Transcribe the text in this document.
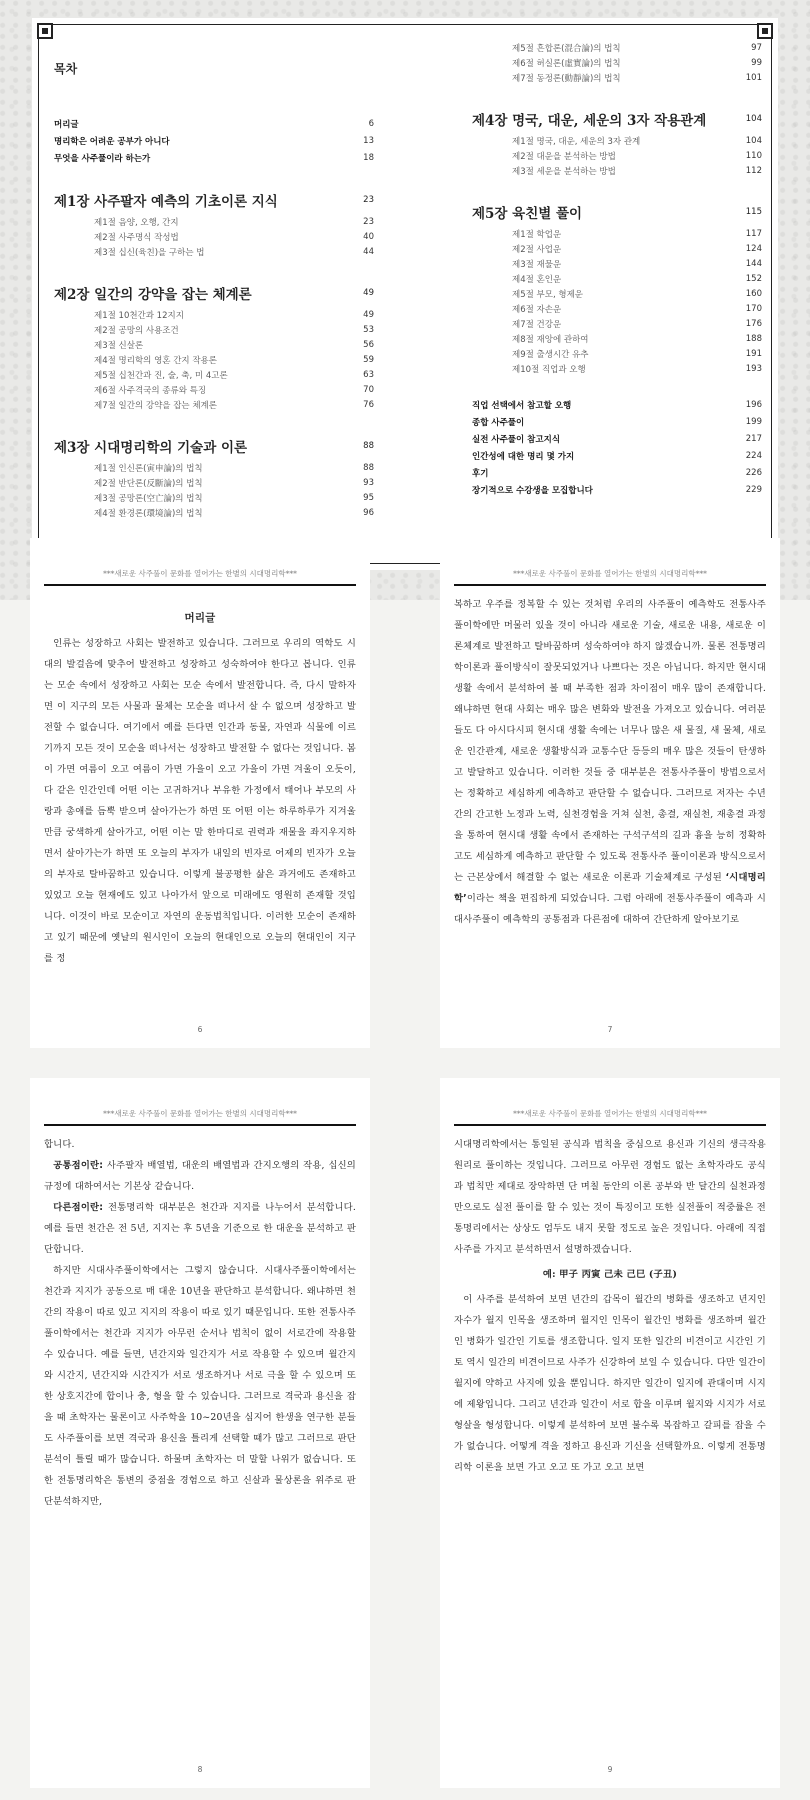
목차
머리글	6
명리학은 어려운 공부가 아니다	13
무엇을 사주풀이라 하는가	18
제1장 사주팔자 예측의 기초이론 지식	23
제1절 음양, 오행, 간지	23
제2절 사주명식 작성법	40
제3절 십신(육친)을 구하는 법	44
제2장 일간의 강약을 잡는 체계론	49
제1절 10천간과 12지지	49
제2절 공망의 사용조건	53
제3절 신살론	56
제4절 명리학의 영혼 간지 작용론	59
제5절 십천간과 진, 술, 축, 미 4고론	63
제6절 사주격국의 종류와 특징	70
제7절 일간의 강약을 잡는 체계론	76
제3장 시대명리학의 기술과 이론	88
제1절 인신론(寅申論)의 법칙	88
제2절 반단론(反斷論)의 법칙	93
제3절 공망론(空亡論)의 법칙	95
제4절 환경론(環境論)의 법칙	96
제5절 흔합론(混合論)의 법칙	97
제6절 허실론(虛實論)의 법칙	99
제7절 동정론(動靜論)의 법칙	101
제4장 명국, 대운, 세운의 3자 작용관계	104
제1절 명국, 대운, 세운의 3자 관계	104
제2절 대운을 분석하는 방법	110
제3절 세운을 분석하는 방법	112
제5장 육친별 풀이	115
제1절 학업운	117
제2절 사업운	124
제3절 재물운	144
제4절 혼인운	152
제5절 부모, 형제운	160
제6절 자손운	170
제7절 건강운	176
제8절 재앙에 관하여	188
제9절 출생시간 유추	191
제10절 직업과 오행	193
직업 선택에서 참고할 오행	196
종합 사주풀이	199
실전 사주풀이 참고지식	217
인간성에 대한 명리 몇 가지	224
후기	226
장기적으로 수강생을 모집합니다	229
***새로운 사주풀이 문화를 열어가는 한별의 시대명리학***

머리글

인류는 성장하고 사회는 발전하고 있습니다. 그러므로 우리의 역학도 시대의 발걸음에 맞추어 발전하고 성장하고 성숙하여야 한다고 봅니다. 인류는 모순 속에서 성장하고 사회는 모순 속에서 발전합니다. 즉, 다시 말하자면 이 지구의 모든 사물과 물체는 모순을 떠나서 살 수 없으며 성장하고 발전할 수 없습니다. 여기에서 예를 든다면 인간과 동물, 자연과 식물에 이르기까지 모든 것이 모순을 떠나서는 성장하고 발전할 수 없다는 것입니다. 봄이 가면 여름이 오고 여름이 가면 가을이 오고 가을이 가면 겨울이 오듯이, 다 같은 인간인데 어떤 이는 고귀하거나 부유한 가정에서 태어나 부모의 사랑과 총애를 듬뿍 받으며 살아가는가 하면 또 어떤 이는 하루하루가 지겨울 만큼 궁색하게 살아가고, 어떤 이는 말 한마디로 권력과 재물을 좌지우지하면서 살아가는가 하면 또 오늘의 부자가 내일의 빈자로 어제의 빈자가 오늘의 부자로 탈바꿈하고 있습니다. 이렇게 불공평한 삶은 과거에도 존재하고 있었고 오늘 현재에도 있고 나아가서 앞으로 미래에도 영원히 존재할 것입니다. 이것이 바로 모순이고 자연의 운동법칙입니다. 이러한 모순이 존재하고 있기 때문에 옛날의 원시인이 오늘의 현대인으로 오늘의 현대인이 지구를 정

6
***새로운 사주풀이 문화를 열어가는 한별의 시대명리학***

복하고 우주를 정복할 수 있는 것처럼 우리의 사주풀이 예측학도 전통사주 풀이학에만 머물러 있을 것이 아니라 새로운 기술, 새로운 내용, 새로운 이론체계로 발전하고 탈바꿈하며 성숙하여야 하지 않겠습니까. 물론 전통명리학이론과 풀이방식이 잘못되었거나 나쁘다는 것은 아닙니다. 하지만 현시대 생활 속에서 분석하여 볼 때 부족한 점과 차이점이 매우 많이 존재합니다. 왜냐하면 현대 사회는 매우 많은 변화와 발전을 가져오고 있습니다. 여러분들도 다 아시다시피 현시대 생활 속에는 너무나 많은 새 물질, 새 물체, 새로운 인간관계, 새로운 생활방식과 교통수단 등등의 매우 많은 것들이 탄생하고 발달하고 있습니다. 이러한 것들 중 대부분은 전통사주풀이 방법으로서는 정확하고 세심하게 예측하고 판단할 수 없습니다. 그러므로 저자는 수년간의 간고한 노정과 노력, 실천경험을 거쳐 실천, 총결, 재실천, 재총결 과정을 통하여 현시대 생활 속에서 존재하는 구석구석의 길과 흉을 능히 정확하고도 세심하게 예측하고 판단할 수 있도록 전통사주 풀이이론과 방식으로서는 근본상에서 해결할 수 없는 새로운 이론과 기술체계로 구성된 ‘시대명리학’이라는 책을 편집하게 되었습니다. 그럼 아래에 전통사주풀이 예측과 시대사주풀이 예측학의 공통점과 다른점에 대하여 간단하게 알아보기로

7
***새로운 사주풀이 문화를 열어가는 한별의 시대명리학***

합니다.

공통점이란: 사주팔자 배열법, 대운의 배열법과 간지오행의 작용, 십신의 규정에 대하여서는 기본상 같습니다.

다른점이란: 전통명리학 대부분은 천간과 지지를 나누어서 분석합니다. 예를 들면 천간은 전 5년, 지지는 후 5년을 기준으로 한 대운을 분석하고 판단합니다.

하지만 시대사주풀이학에서는 그렇지 않습니다. 시대사주풀이학에서는 천간과 지지가 공동으로 매 대운 10년을 판단하고 분석합니다. 왜냐하면 천간의 작용이 따로 있고 지지의 작용이 따로 있기 때문입니다. 또한 전통사주풀이학에서는 천간과 지지가 아무런 순서나 법칙이 없이 서로간에 작용할 수 있습니다. 예를 들면, 년간지와 일간지가 서로 작용할 수 있으며 월간지와 시간지, 년간지와 시간지가 서로 생조하거나 서로 극을 할 수 있으며 또한 상호지간에 합이나 충, 형을 할 수 있습니다. 그러므로 격국과 용신을 잡을 때 초학자는 물론이고 사주학을 10~20년을 심지어 한생을 연구한 분들도 사주풀이를 보면 격국과 용신을 틀리게 선택할 때가 많고 그러므로 판단분석이 틀릴 때가 많습니다. 하물며 초학자는 더 말할 나위가 없습니다. 또한 전통명리학은 통변의 중점을 경험으로 하고 신살과 물상론을 위주로 판단분석하지만,

8
***새로운 사주풀이 문화를 열어가는 한별의 시대명리학***

시대명리학에서는 통일된 공식과 법칙을 중심으로 용신과 기신의 생극작용 원리로 풀이하는 것입니다. 그러므로 아무런 경험도 없는 초학자라도 공식과 법칙만 제대로 장악하면 단 며칠 동안의 이론 공부와 반 달간의 실천과정만으로도 실전 풀이를 할 수 있는 것이 특징이고 또한 실전풀이 적중률은 전통명리에서는 상상도 엄두도 내지 못할 정도로 높은 것입니다. 아래에 직접 사주를 가지고 분석하면서 설명하겠습니다.

예: 甲子 丙寅 己未 己巳 (子丑)

이 사주를 분석하여 보면 년간의 갑목이 월간의 병화를 생조하고 년지인 자수가 월지 인목을 생조하며 월지인 인목이 월간인 병화를 생조하며 월간인 병화가 일간인 기토를 생조합니다. 일지 또한 일간의 비견이고 시간인 기토 역시 일간의 비견이므로 사주가 신강하여 보일 수 있습니다. 다만 일간이 월지에 약하고 사지에 있을 뿐입니다. 하지만 일간이 일지에 관대이며 시지에 제왕입니다. 그리고 년간과 일간이 서로 합을 이루며 월지와 시지가 서로 형살을 형성합니다. 이렇게 분석하여 보면 불수록 복잡하고 갈피를 잡을 수가 없습니다. 어떻게 격을 정하고 용신과 기신을 선택할까요. 이렇게 전통명리학 이론을 보면 가고 오고 또 가고 오고 보면

9
